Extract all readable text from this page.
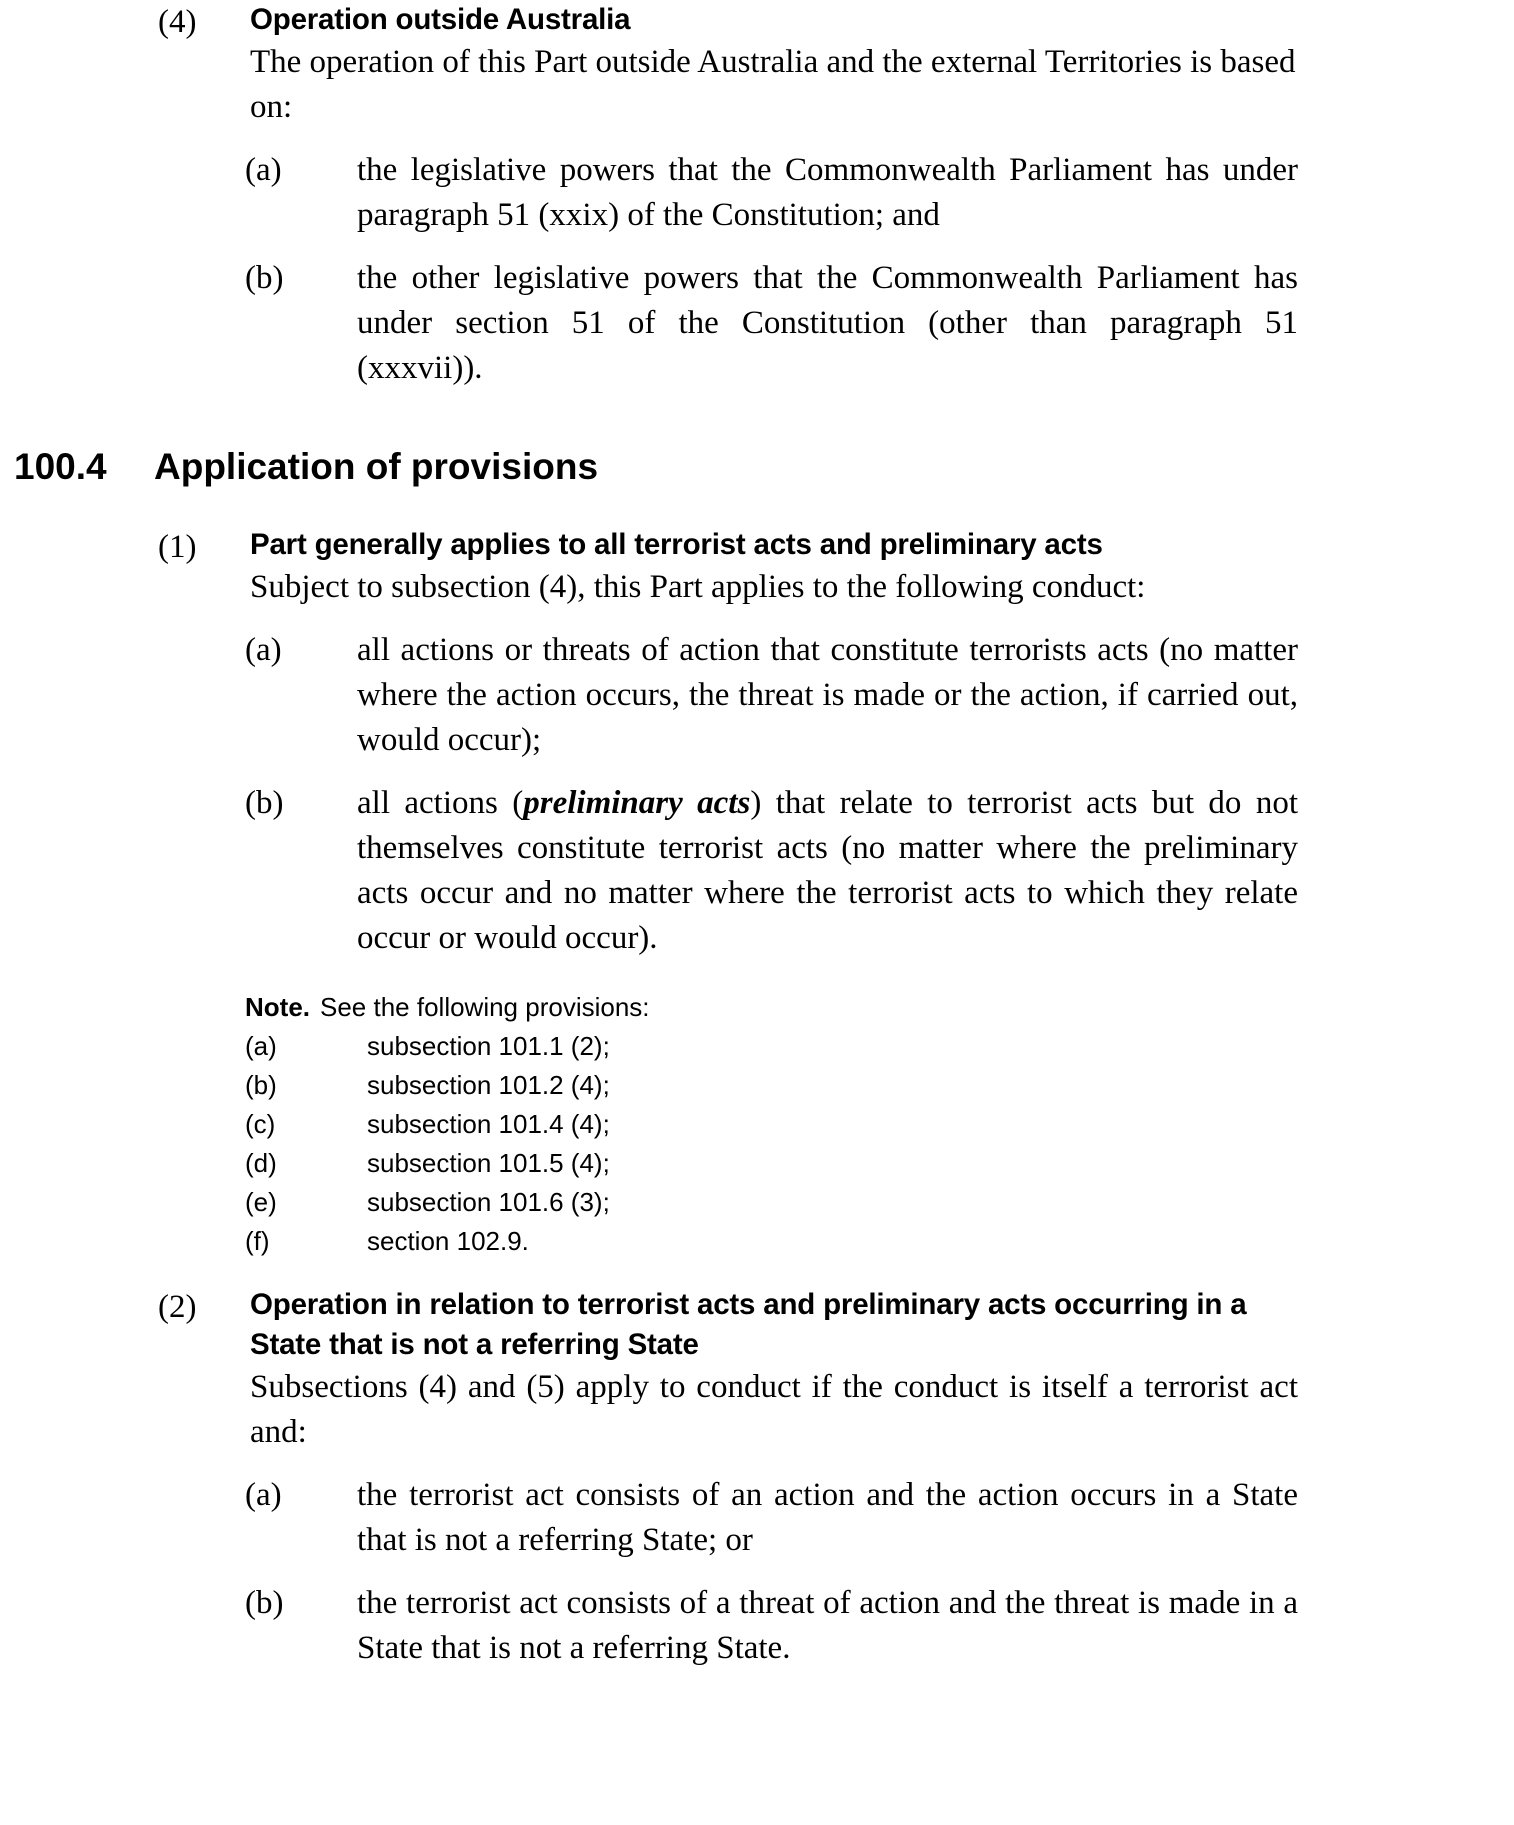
(4)	Operation outside Australia
The operation of this Part outside Australia and the external Territories is based on:
(a)	the legislative powers that the Commonwealth Parliament has under paragraph 51 (xxix) of the Constitution; and
(b)	the other legislative powers that the Commonwealth Parliament has under section 51 of the Constitution (other than paragraph 51 (xxxvii)).
100.4	Application of provisions
(1)	Part generally applies to all terrorist acts and preliminary acts
Subject to subsection (4), this Part applies to the following conduct:
(a)	all actions or threats of action that constitute terrorists acts (no matter where the action occurs, the threat is made or the action, if carried out, would occur);
(b)	all actions (preliminary acts) that relate to terrorist acts but do not themselves constitute terrorist acts (no matter where the preliminary acts occur and no matter where the terrorist acts to which they relate occur or would occur).
Note. See the following provisions:
(a)	subsection 101.1 (2);
(b)	subsection 101.2 (4);
(c)	subsection 101.4 (4);
(d)	subsection 101.5 (4);
(e)	subsection 101.6 (3);
(f)	section 102.9.
(2)	Operation in relation to terrorist acts and preliminary acts occurring in a State that is not a referring State
Subsections (4) and (5) apply to conduct if the conduct is itself a terrorist act and:
(a)	the terrorist act consists of an action and the action occurs in a State that is not a referring State; or
(b)	the terrorist act consists of a threat of action and the threat is made in a State that is not a referring State.
